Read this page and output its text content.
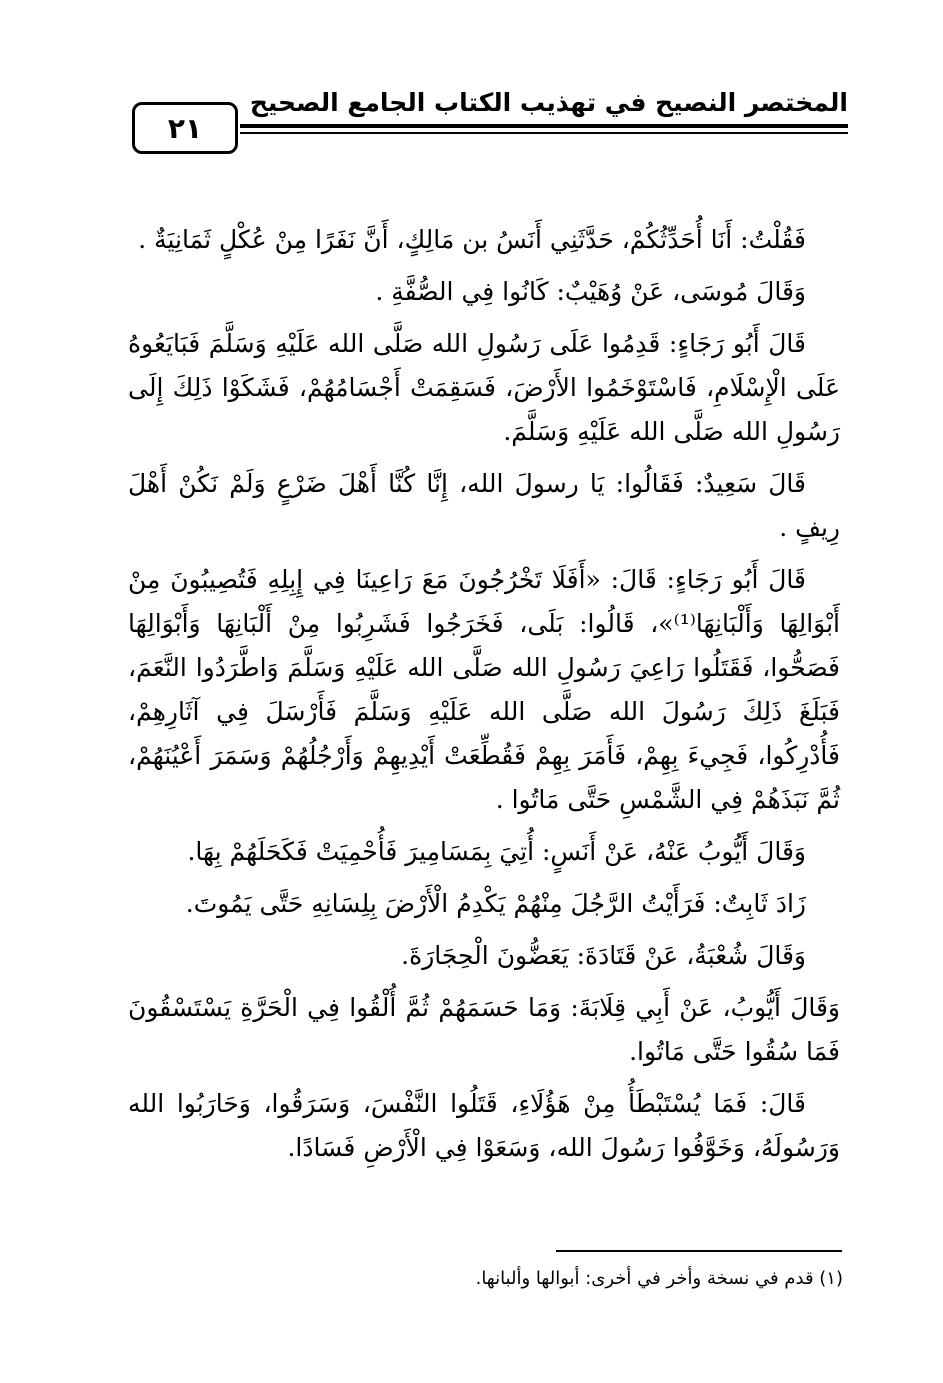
٢١
المختصر النصيح في تهذيب الكتاب الجامع الصحيح

فَقُلْتُ: أَنَا أُحَدِّثُكُمْ، حَدَّثَنِي أَنَسُ بن مَالِكٍ، أَنَّ نَفَرًا مِنْ عُكْلٍ ثَمَانِيَةٌ .

وَقَالَ مُوسَى، عَنْ وُهَيْبٌ: كَانُوا فِي الصُّفَّةِ .

قَالَ أَبُو رَجَاءٍ: قَدِمُوا عَلَى رَسُولِ الله صَلَّى الله عَلَيْهِ وَسَلَّمَ فَبَايَعُوهُ عَلَى الْإِسْلَامِ، فَاسْتَوْخَمُوا الأَرْضَ، فَسَقِمَتْ أَجْسَامُهُمْ، فَشَكَوْا ذَلِكَ إِلَى رَسُولِ الله صَلَّى الله عَلَيْهِ وَسَلَّمَ.

قَالَ سَعِيدٌ: فَقَالُوا: يَا رسولَ الله، إِنَّا كُنَّا أَهْلَ ضَرْعٍ وَلَمْ نَكُنْ أَهْلَ رِيفٍ .

قَالَ أَبُو رَجَاءٍ: قَالَ: «أَفَلَا تَخْرُجُونَ مَعَ رَاعِينَا فِي إِبِلِهِ فَتُصِيبُونَ مِنْ أَبْوَالِهَا وَأَلْبَانِهَا⁽¹⁾»، قَالُوا: بَلَى، فَخَرَجُوا فَشَرِبُوا مِنْ أَلْبَانِهَا وَأَبْوَالِهَا فَصَحُّوا، فَقَتَلُوا رَاعِيَ رَسُولِ الله صَلَّى الله عَلَيْهِ وَسَلَّمَ وَاطَّرَدُوا النَّعَمَ، فَبَلَغَ ذَلِكَ رَسُولَ الله صَلَّى الله عَلَيْهِ وَسَلَّمَ فَأَرْسَلَ فِي آثَارِهِمْ، فَأُدْرِكُوا، فَجِيءَ بِهِمْ، فَأَمَرَ بِهِمْ فَقُطِّعَتْ أَيْدِيهِمْ وَأَرْجُلُهُمْ وَسَمَرَ أَعْيُنَهُمْ، ثُمَّ نَبَذَهُمْ فِي الشَّمْسِ حَتَّى مَاتُوا .

وَقَالَ أَيُّوبُ عَنْهُ، عَنْ أَنَسٍ: أُتِيَ بِمَسَامِيرَ فَأُحْمِيَتْ فَكَحَلَهُمْ بِهَا.

زَادَ ثَابِتٌ: فَرَأَيْتُ الرَّجُلَ مِنْهُمْ يَكْدِمُ الْأَرْضَ بِلِسَانِهِ حَتَّى يَمُوتَ.

وَقَالَ شُعْبَةُ، عَنْ قَتَادَةَ: يَعَضُّونَ الْحِجَارَةَ.

وَقَالَ أَيُّوبُ، عَنْ أَبِي قِلَابَةَ: وَمَا حَسَمَهُمْ ثُمَّ أُلْقُوا فِي الْحَرَّةِ يَسْتَسْقُونَ فَمَا سُقُوا حَتَّى مَاتُوا.

قَالَ: فَمَا يُسْتَبْطَأُ مِنْ هَؤُلَاءِ، قَتَلُوا النَّفْسَ، وَسَرَقُوا، وَحَارَبُوا الله وَرَسُولَهُ، وَخَوَّفُوا رَسُولَ الله، وَسَعَوْا فِي الْأَرْضِ فَسَادًا.

(١) قدم في نسخة وأخر في أخرى: أبوالها وألبانها.
